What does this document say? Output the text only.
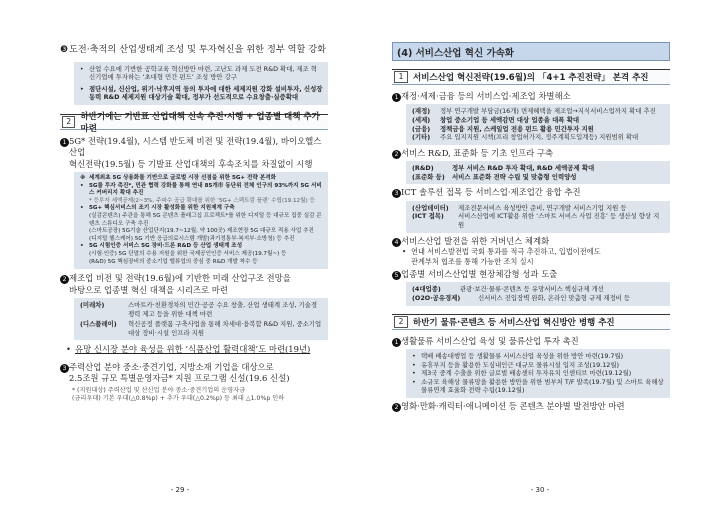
❸ 도전·축적의 산업생태계 조성 및 투자혁신을 위한 정부 역할 강화
‣ 산업 수요에 기반한 공학교육 혁신방안 마련, 고난도 과제 도전 R&D 확대, 제조 혁신기업에 투자하는 ‘초대형 민간 펀드’ 조성 방안 강구
‣ 점단시설, 신산업, 위기·낙후지역 등의 투자에 대한 세제지원 강화 설비투자, 신성장동력 R&D 세제지원 대상기술 확대, 정부가 선도적으로 수요창출·실증확대
2	하반기에는 기반표 산업대책 신속 추진·시행 + 업종별 대책 추가 마련
1 5G* 전략(19.4월), 시스템 반도체 비전 및 전략(19.4월), 바이오헬스산업
혁신전략(19.5월) 등 기발표 산업대책의 후속조치를 차질없이 시행
※ 세계최초 5G 상용화를 기반으로 글로벌 시장 선점을 위한 5G+ 전략 본격화
• 5G를 투자 촉진*, 민관 협력 강화를 통해 연내 85개市 동단위 전체 인구의 93%까지 5G 서비스 커버리지 확대 추진
* 등투자 세액공제(2~3%, 주파수 공급 확대를 위한 ‘5G+ 스펙트럼 플랜’ 수립(19.12월) 등
• 5G+ 핵심서비스의 조기 시장 활성화를 위한 지원제계 구축
(실감콘텐츠) 주관을 통해 5G 콘텐츠 플래그십 프로젝트*를 위한 디지털 등 대규모 집중 실감 콘텐츠 스튜디오 구축 추진
(스마트공장) 5G기술 산업단지(19.7~12월, 약 100곳) 제조현장 5G 대규모 적용 사업 추진
(디지털 헬스케어) 5G 기반 응급의료시스템 개발(과기정통부·복지부·소방청) 등 추진
• 5G 시험인증 서비스 5G 장비·드론 R&D 등 산업 생태계 조성
(시험·인증) 5G 단말의 수용 지원을 위한 국제공인인증 서비스 제공(19.7월~) 등
(R&D) 5G 핵심장비의 중소기업 밸류업의 중심 중 R&D 개발 착수 등
2 제조업 비전 및 전략(19.6월)에 기반한 미래 산업구조 전망을
바탕으로 업종별 혁신 대책을 시리즈로 마련
(미래차)	스마트카·친환경차의 민간·공공 수요 창출, 산업 생태계 조성, 기술경쟁력 제고 등을 위한 대책 마련
(디스플레이)	혁신공정 플랫폼 구축사업을 통해 차세대·융복합 R&D 지원, 중소기업 대상 장비·시설 인프라 지원
• 유망 신시장 분야 육성을 위한 ‘식품산업 활력대책’도 마련(19년)
3 주력산업 분야 중소·중견기업, 지방소재 기업을 대상으로
2.5조원 규모 특별운영자금* 지원 프로그램 신설(19.6 신설)
* (지원대상) 주력산업 및 산신업 분야 중소·중견기업의 운영자금
(금리우대) 기본 우대(△0.8%p) + 추가 우대(△0.2%p) 등 최대 △1.0%p 인하
- 29 -
(4) 서비스산업 혁신 가속화
1	서비스산업 혁신전략(19.6월)의 「4+1 추진전략」 본격 추진
1 재정·세제·금융 등의 서비스업·제조업 차별해소
(재정)	정부 연구개발 부담금(16개) 면제혜택을 제조업→지식서비스업까지 확대 추진
(세제)	창업 중소기업 등 세액감면 대상 업종을 대폭 확대
(금융)	정책금융 지원, 스케일업 전용 펀드 활용 민간투자 지원
(기타)	주요 입지지원 시책(프리 창업허가지, 정주계획도입계등) 지원범위 확대
2 서비스 R&D, 표준화 등 기초 인프라 구축
(R&D)	정부 서비스 R&D 투자 확대, R&D 세액공제 확대
(표준화 등)	서비스 표준화 전략 수립 및 맞춤형 인력양성
3 ICT 솔루션 접목 등 서비스업·제조업간 융합 추진
(산업데이터)	제조전문서비스 육성방안 준비, 연구개발 서비스기업 지원 등
(ICT 접목)	서비스산업에 ICT활용 위한 ‘스마트 서비스 사업 진흥’ 등 생산성 향상 지원
4 서비스산업 발전을 위한 거버넌스 체계화
• 연내 서비스발전법 국회 통과를 적극 추진하고, 입법이전에도
관계부처 협조를 통해 가능한 조치 실시
5 업종별 서비스산업별 현장체감형 성과 도출
(4대업종)	관광·보건·물류·콘텐츠 등 유망서비스 핵심규제 개선
(O2O·공유경제)	신서비스 진입장벽 완화, 온라인 맞춤형 규제 재정비 등
2	하반기 물류·콘텐츠 등 서비스산업 혁신방안 병행 추진
1 생활물류 서비스산업 육성 및 물류산업 투자 촉진
• 택배 배송대행업 등 생활물류 서비스산업 육성을 위한 방안 마련(19.7월)
• 유휴부지 등을 활용한 도심내인근 대규모 물류시설 입지 조성(19.12월)
• 제3국 중계 수출을 위한 글로벌 배송센터 투자유치 인센티브 마련(19.12월)
• 소규모 육해상 물류망을 활용한 방안을 위한 범부처 T/F 발족(19.7월) 및 스마트 육해상 물류연계 효율화 전략 수립(19.12월)
2 영화·만화·캐릭터·애니메이션 등 콘텐츠 분야별 발전방안 마련
- 30 -
